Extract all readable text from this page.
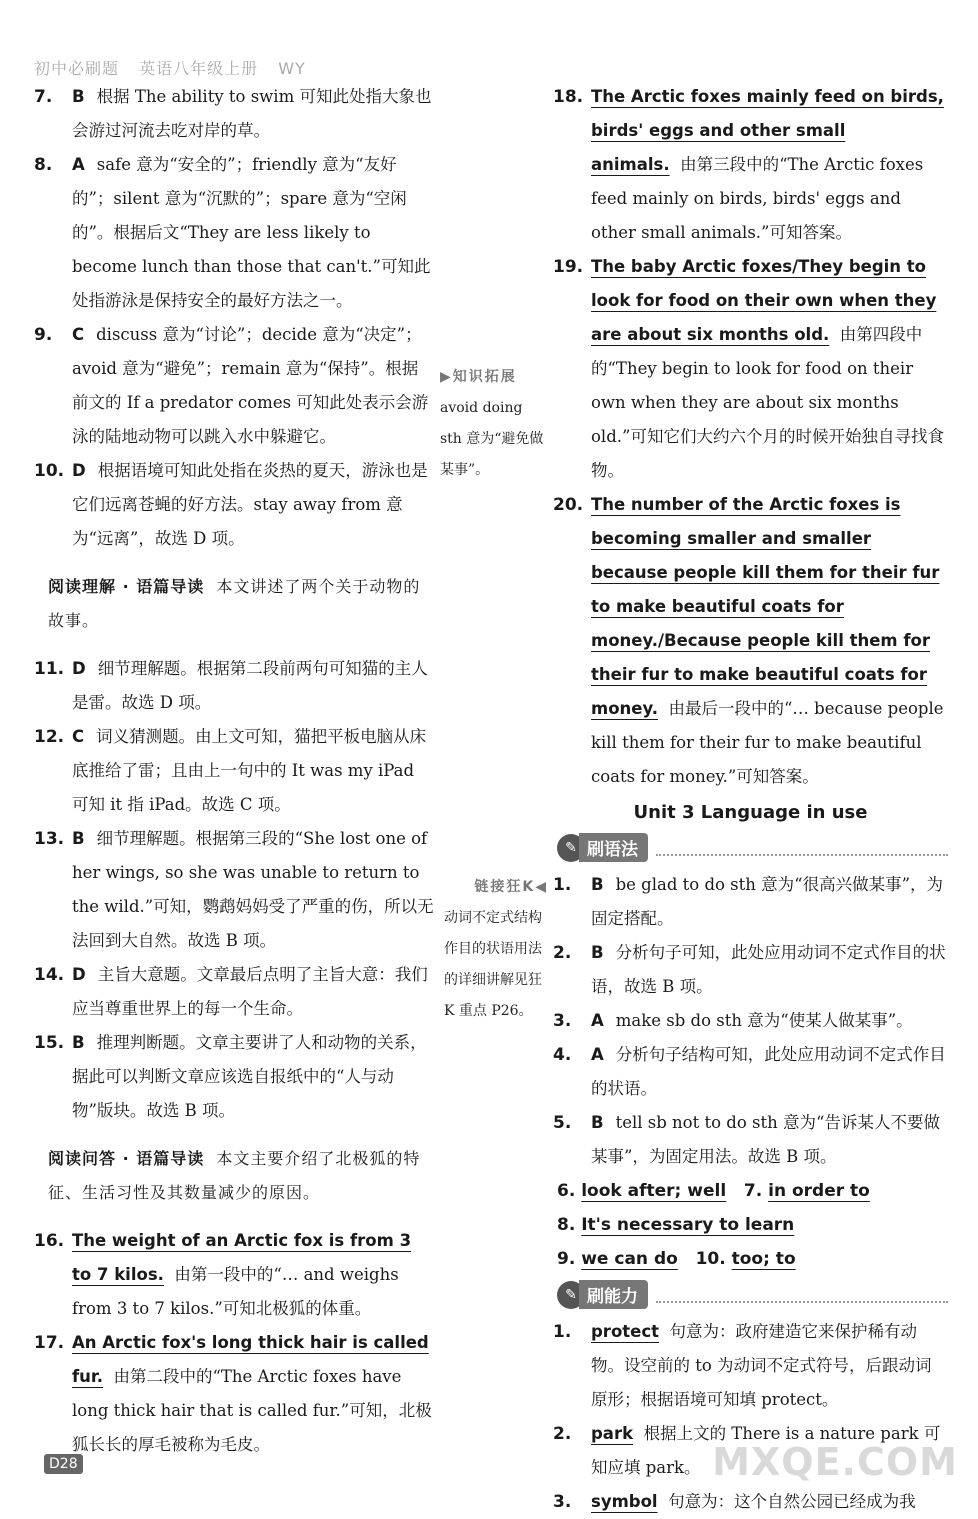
初中必刷题 英语八年级上册 WY
7. B 根据 The ability to swim 可知此处指大象也会游过河流去吃对岸的草。
8. A safe 意为“安全的”；friendly 意为“友好的”；silent 意为“沉默的”；spare 意为“空闲的”。根据后文“They are less likely to become lunch than those that can't.”可知此处指游泳是保持安全的最好方法之一。
9. C discuss 意为“讨论”；decide 意为“决定”；avoid 意为“避免”；remain 意为“保持”。根据前文的 If a predator comes 可知此处表示会游泳的陆地动物可以跳入水中躲避它。
10. D 根据语境可知此处指在炎热的夏天，游泳也是它们远离苍蝇的好方法。stay away from 意为“远离”，故选 D 项。
阅读理解 · 语篇导读 本文讲述了两个关于动物的故事。
11. D 细节理解题。根据第二段前两句可知猫的主人是雷。故选 D 项。
12. C 词义猜测题。由上文可知，猫把平板电脑从床底推给了雷；且由上一句中的 It was my iPad 可知 it 指 iPad。故选 C 项。
13. B 细节理解题。根据第三段的“She lost one of her wings, so she was unable to return to the wild.”可知，鹦鹉妈妈受了严重的伤，所以无法回到大自然。故选 B 项。
14. D 主旨大意题。文章最后点明了主旨大意：我们应当尊重世界上的每一个生命。
15. B 推理判断题。文章主要讲了人和动物的关系，据此可以判断文章应该选自报纸中的“人与动物”版块。故选 B 项。
阅读问答 · 语篇导读 本文主要介绍了北极狐的特征、生活习性及其数量减少的原因。
16. The weight of an Arctic fox is from 3 to 7 kilos. 由第一段中的“… and weighs from 3 to 7 kilos.”可知北极狐的体重。
17. An Arctic fox's long thick hair is called fur. 由第二段中的“The Arctic foxes have long thick hair that is called fur.”可知，北极狐长长的厚毛被称为毛皮。
▶知识拓展
avoid doing sth 意为“避免做某事”。
链接狂K◀
动词不定式结构作目的状语用法的详细讲解见狂 K 重点 P26。
18. The Arctic foxes mainly feed on birds, birds' eggs and other small animals. 由第三段中的“The Arctic foxes feed mainly on birds, birds' eggs and other small animals.”可知答案。
19. The baby Arctic foxes/They begin to look for food on their own when they are about six months old. 由第四段中的“They begin to look for food on their own when they are about six months old.”可知它们大约六个月的时候开始独自寻找食物。
20. The number of the Arctic foxes is becoming smaller and smaller because people kill them for their fur to make beautiful coats for money./Because people kill them for their fur to make beautiful coats for money. 由最后一段中的“… because people kill them for their fur to make beautiful coats for money.”可知答案。
Unit 3 Language in use
✎ 刷语法
1. B be glad to do sth 意为“很高兴做某事”，为固定搭配。
2. B 分析句子可知，此处应用动词不定式作目的状语，故选 B 项。
3. A make sb do sth 意为“使某人做某事”。
4. A 分析句子结构可知，此处应用动词不定式作目的状语。
5. B tell sb not to do sth 意为“告诉某人不要做某事”，为固定用法。故选 B 项。
6. look after; well 7. in order to
8. It's necessary to learn
9. we can do 10. too; to
✎ 刷能力
1. protect 句意为：政府建造它来保护稀有动物。设空前的 to 为动词不定式符号，后跟动词原形；根据语境可知填 protect。
2. park 根据上文的 There is a nature park 可知应填 park。
3. symbol 句意为：这个自然公园已经成为我
D28	MXQE.COM
